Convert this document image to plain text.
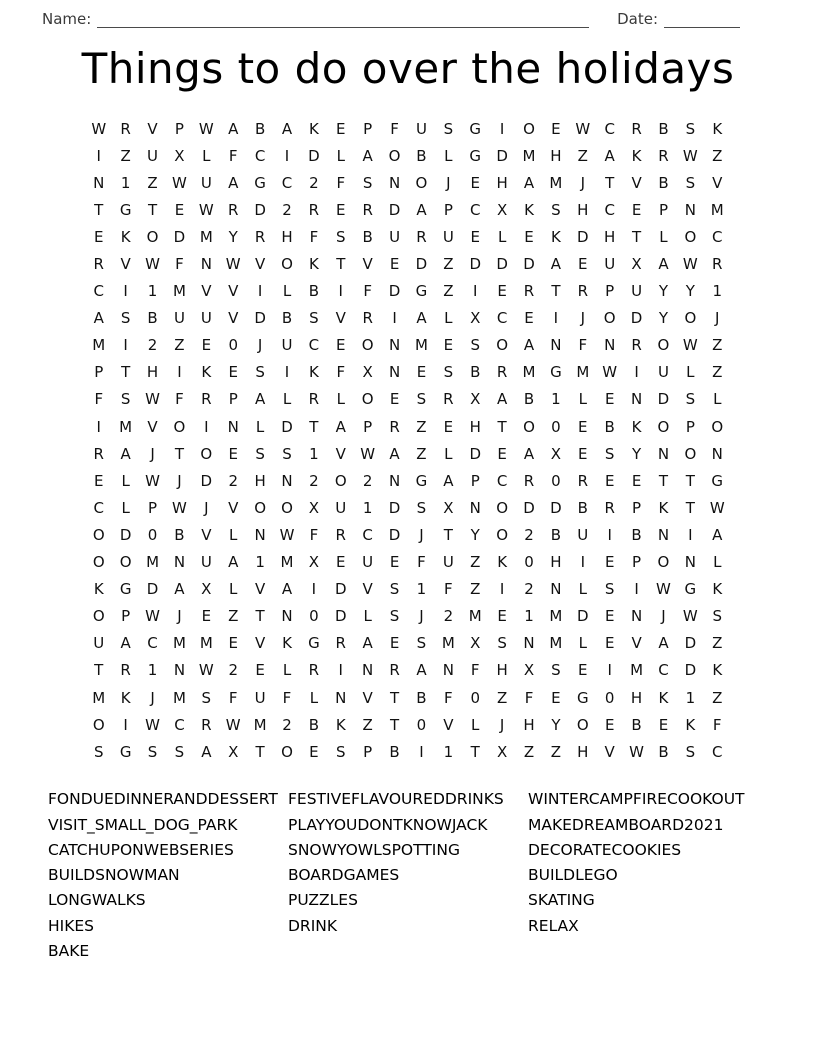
Name:	Date:
Things to do over the holidays
W R	V	P W A	B	A	K	E	P	F	U	S	G	I	O	E W C	R	B	S	K
I	Z	U	X	L	F	C	I	D	L	A	O	B	L	G	D M H	Z	A	K	R W Z
N	1	Z W U	A	G	C	2	F	S	N	O	J	E	H	A	M	J	T	V	B	S	V
T	G	T	E W R	D	2	R	E	R	D	A	P	C	X	K	S	H	C	E	P	N M
E	K	O	D M	Y	R	H	F	S	B	U	R	U	E	L	E	K	D	H	T	L	O	C
R	V W	F	N W V	O	K	T	V	E	D	Z	D	D	D	A	E	U	X	A W R
C	I	1	M	V	V	I	L	B	I	F	D	G	Z	I	E	R	T	R	P	U	Y	Y	1
A	S	B	U	U	V	D	B	S	V	R	I	A	L	X	C	E	I	J	O	D	Y	O	J
M	I	2	Z	E	0	J	U	C	E	O	N M	E	S	O	A	N	F	N	R	O W Z
P	T	H	I	K	E	S	I	K	F	X	N	E	S	B	R	M G M W	I	U	L	Z
F	S W	F	R	P	A	L	R	L	O	E	S	R	X	A	B	1	L	E	N	D	S	L
I	M	V	O	I	N	L	D	T	A	P	R	Z	E	H	T	O	0	E	B	K	O	P	O
R	A	J	T	O	E	S	S	1	V W A	Z	L	D	E	A	X	E	S	Y	N	O	N
E	L	W	J	D	2	H	N	2	O	2	N	G	A	P	C	R	0	R	E	E	T	T	G
C	L	P W	J	V	O	O	X	U	1	D	S	X	N	O	D	D	B	R	P	K	T W
O	D	0	B	V	L	N W	F	R	C	D	J	T	Y	O	2	B	U	I	B	N	I	A
O	O M N	U	A	1	M	X	E	U	E	F	U	Z	K	0	H	I	E	P	O	N	L
K	G	D	A	X	L	V	A	I	D	V	S	1	F	Z	I	2	N	L	S	I	W G	K
O	P W	J	E	Z	T	N	0	D	L	S	J	2	M	E	1	M D	E	N	J	W S
U	A	C	M M	E	V	K	G	R	A	E	S	M	X	S	N M	L	E	V	A	D	Z
T	R	1	N W 2	E	L	R	I	N	R	A	N	F	H	X	S	E	I	M	C	D	K
M	K	J	M	S	F	U	F	L	N	V	T	B	F	0	Z	F	E	G	0	H	K	1	Z
O	I	W C	R W M	2	B	K	Z	T	0	V	L	J	H	Y	O	E	B	E	K	F
S	G	S	S	A	X	T	O	E	S	P	B	I	1	T	X	Z	Z	H	V W B	S	C
FONDUEDINNERANDDESSERT
VISIT_SMALL_DOG_PARK
CATCHUPONWEBSERIES
BUILDSNOWMAN
LONGWALKS
HIKES
BAKE
FESTIVEFLAVOUREDDRINKS
PLAYYOUDONTKNOWJACK
SNOWYOWLSPOTTING
BOARDGAMES
PUZZLES
DRINK
WINTERCAMPFIRECOOKOUT
MAKEDREAMBOARD2021
DECORATECOOKIES
BUILDLEGO
SKATING
RELAX
